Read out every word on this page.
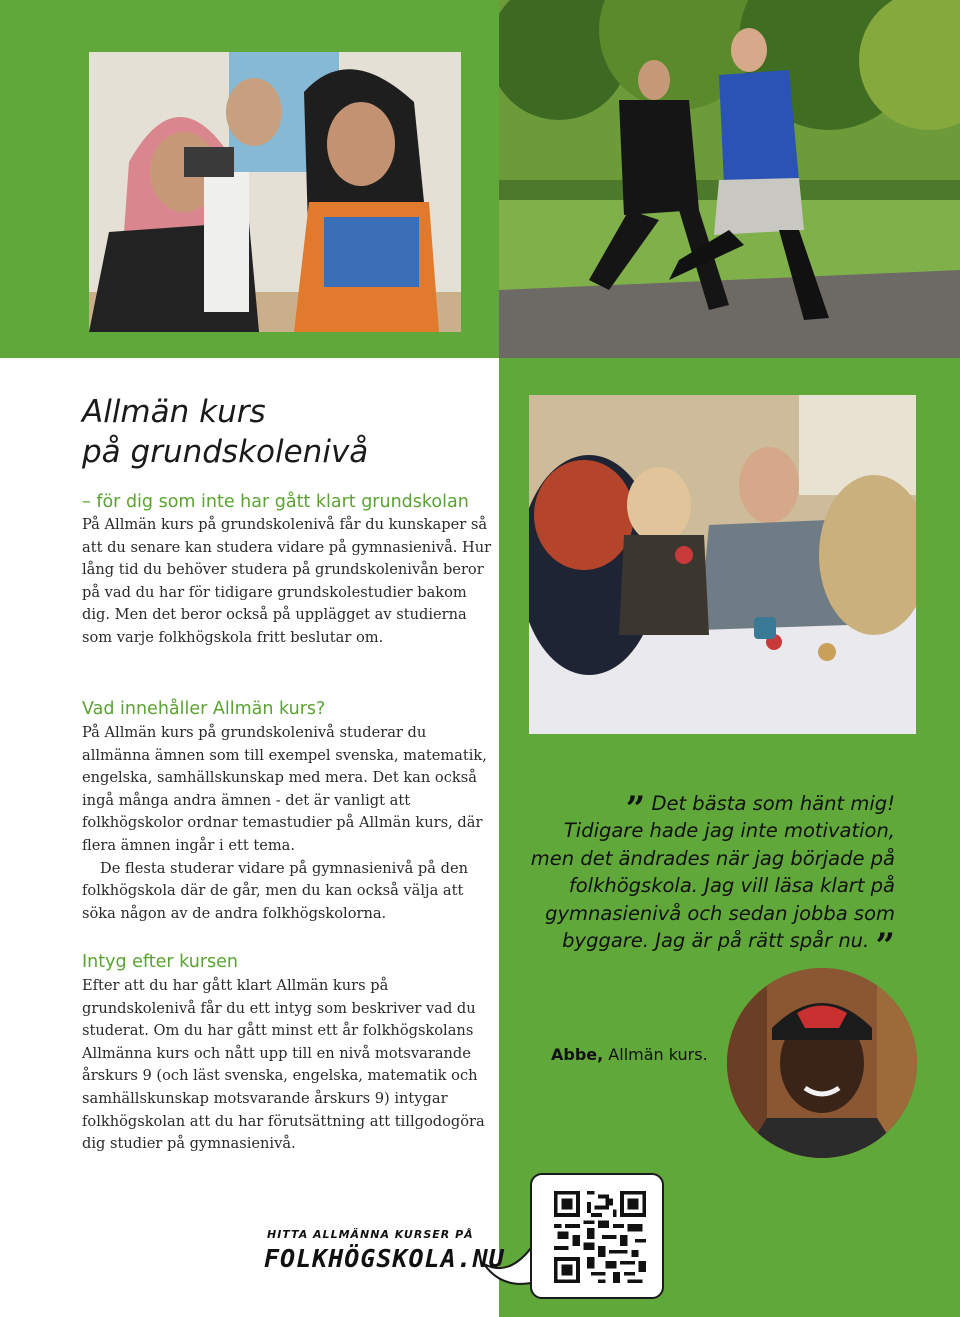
Allmän kurs
på grundskolenivå

– för dig som inte har gått klart grundskolan

På Allmän kurs på grundskolenivå får du kunskaper så att du senare kan studera vidare på gymnasienivå. Hur lång tid du behöver studera på grundskolenivån beror på vad du har för tidigare grundskolestudier bakom dig. Men det beror också på upplägget av studierna som varje folkhögskola fritt beslutar om.

Vad innehåller Allmän kurs?

På Allmän kurs på grundskolenivå studerar du allmänna ämnen som till exempel svenska, matematik, engelska, samhällskunskap med mera. Det kan också ingå många andra ämnen - det är vanligt att folkhögskolor ordnar temastudier på Allmän kurs, där flera ämnen ingår i ett tema.

De flesta studerar vidare på gymnasienivå på den folkhögskola där de går, men du kan också välja att söka någon av de andra folkhögskolorna.

Intyg efter kursen

Efter att du har gått klart Allmän kurs på grundskolenivå får du ett intyg som beskriver vad du studerat. Om du har gått minst ett år folkhögskolans Allmänna kurs och nått upp till en nivå motsvarande årskurs 9 (och läst svenska, engelska, matematik och samhällskunskap motsvarande årskurs 9) intygar folkhögskolan att du har förutsättning att tillgodogöra dig studier på gymnasienivå.

” Det bästa som hänt mig!
Tidigare hade jag inte motivation,
men det ändrades när jag började på
folkhögskola. Jag vill läsa klart på
gymnasienivå och sedan jobba som
byggare. Jag är på rätt spår nu. ”

Abbe, Allmän kurs.

HITTA ALLMÄNNA KURSER PÅ

FOLKHÖGSKOLA.NU
